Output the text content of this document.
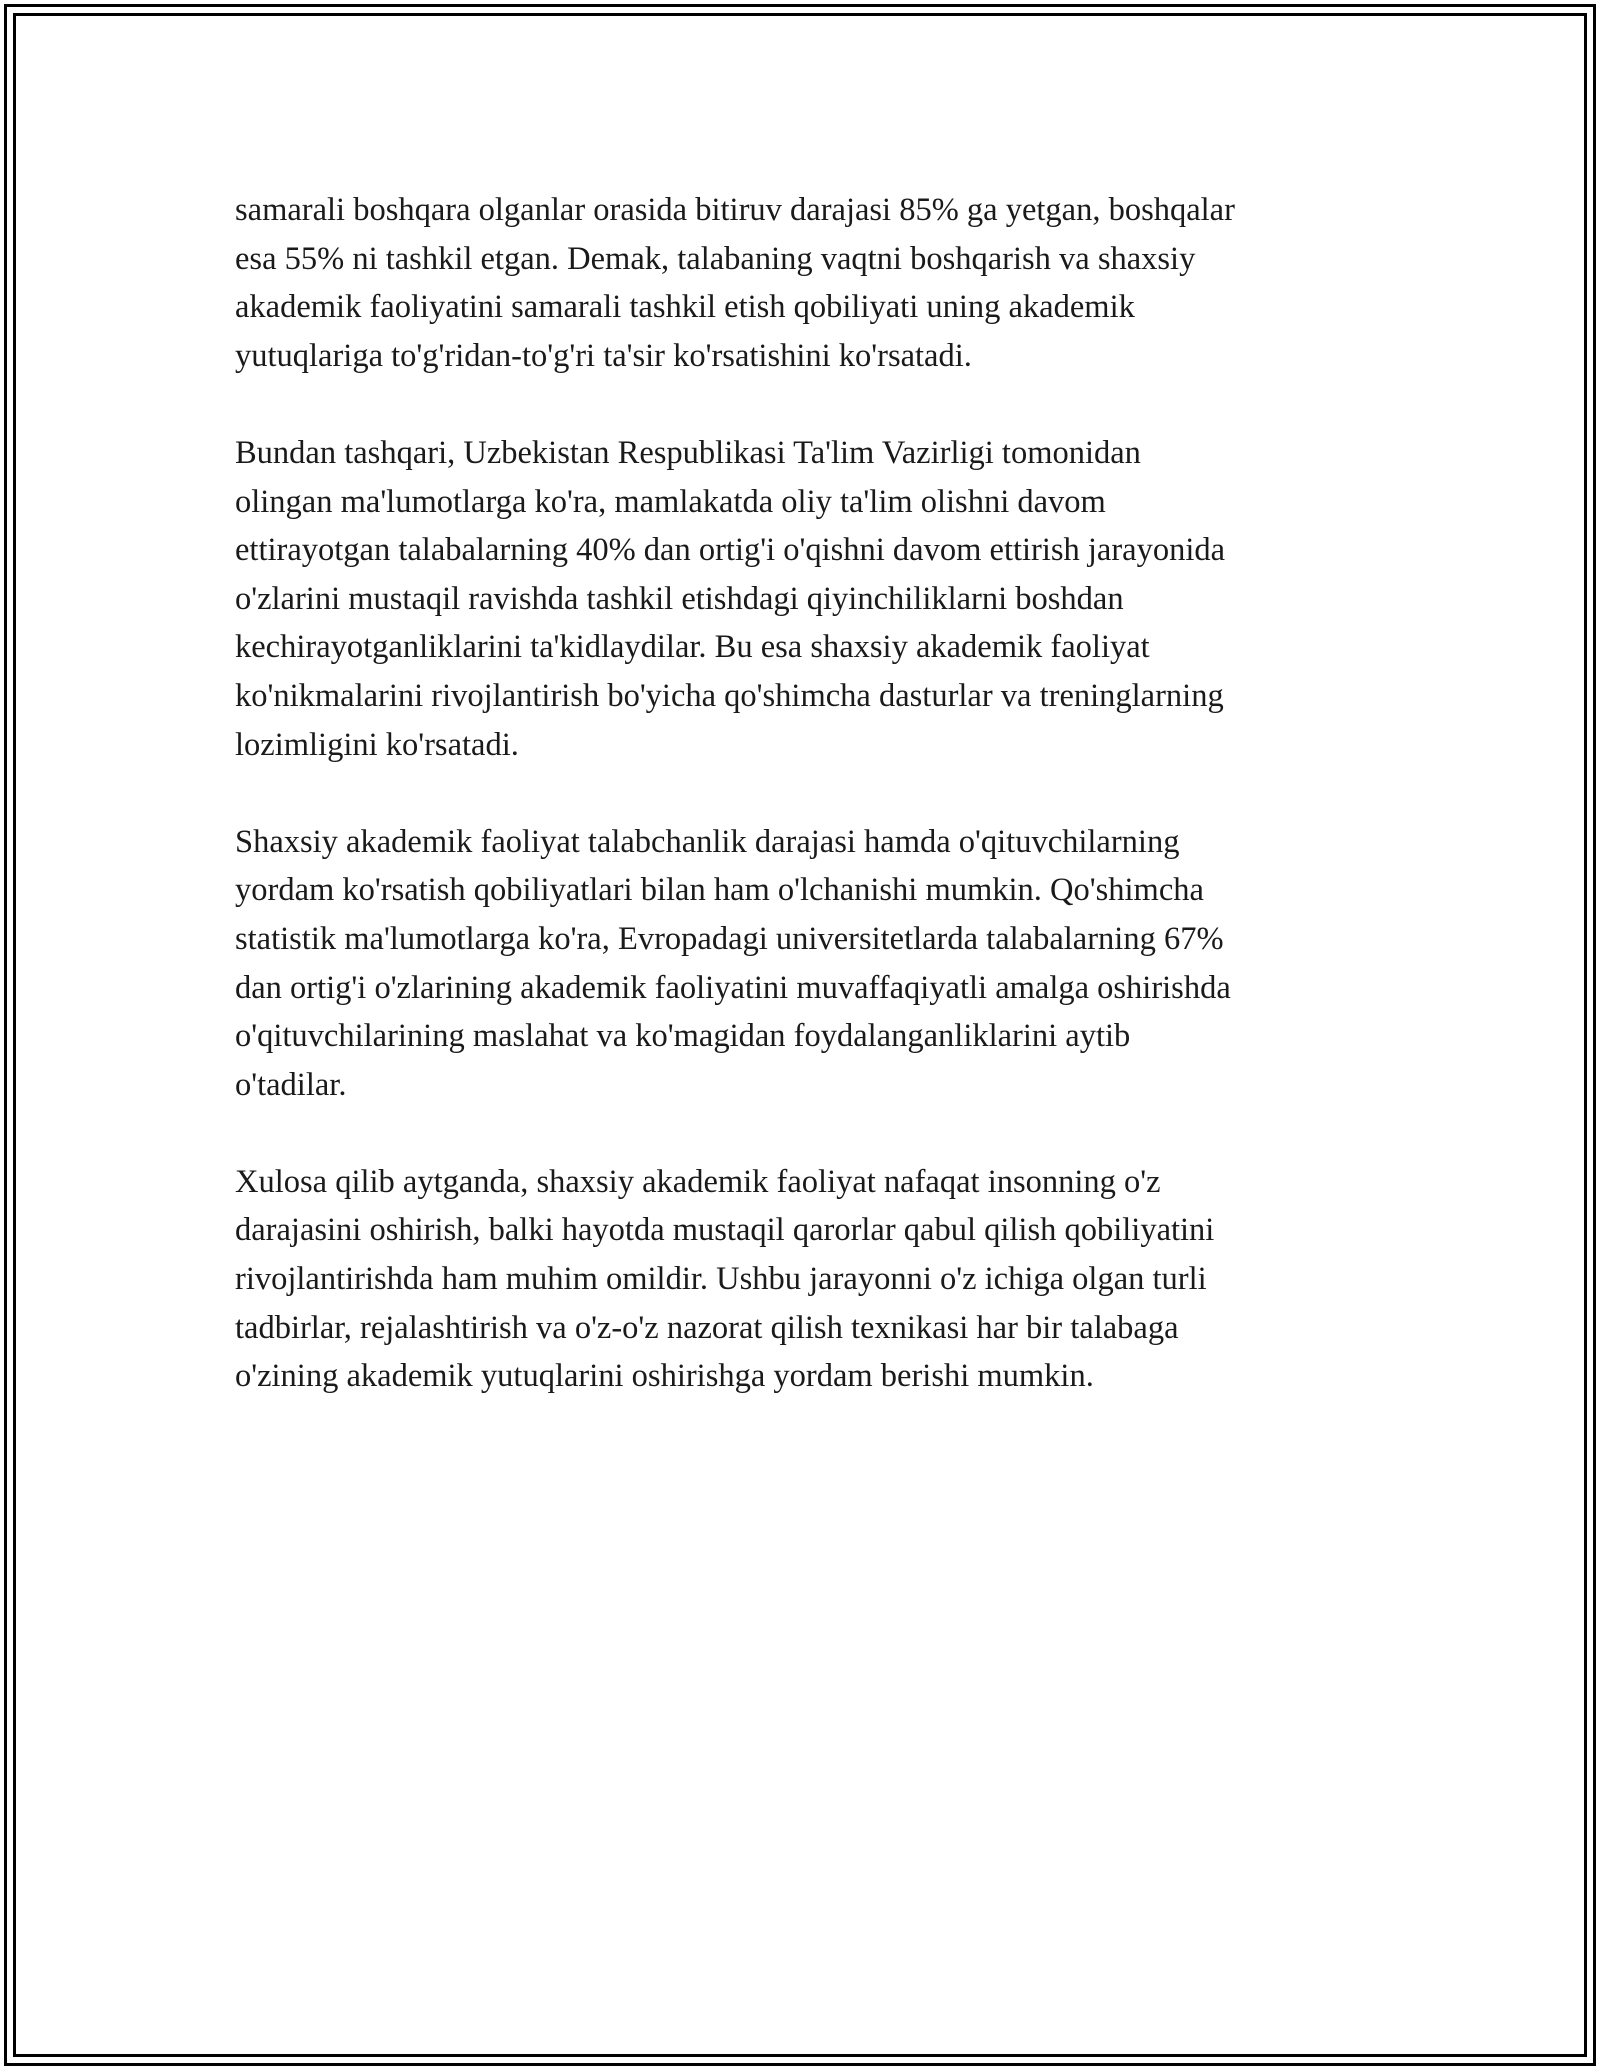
samarali boshqara olganlar orasida bitiruv darajasi 85% ga yetgan, boshqalar
esa 55% ni tashkil etgan. Demak, talabaning vaqtni boshqarish va shaxsiy
akademik faoliyatini samarali tashkil etish qobiliyati uning akademik
yutuqlariga to'g'ridan-to'g'ri ta'sir ko'rsatishini ko'rsatadi.

Bundan tashqari, Uzbekistan Respublikasi Ta'lim Vazirligi tomonidan
olingan ma'lumotlarga ko'ra, mamlakatda oliy ta'lim olishni davom
ettirayotgan talabalarning 40% dan ortig'i o'qishni davom ettirish jarayonida
o'zlarini mustaqil ravishda tashkil etishdagi qiyinchiliklarni boshdan
kechirayotganliklarini ta'kidlaydilar. Bu esa shaxsiy akademik faoliyat
ko'nikmalarini rivojlantirish bo'yicha qo'shimcha dasturlar va treninglarning
lozimligini ko'rsatadi.

Shaxsiy akademik faoliyat talabchanlik darajasi hamda o'qituvchilarning
yordam ko'rsatish qobiliyatlari bilan ham o'lchanishi mumkin. Qo'shimcha
statistik ma'lumotlarga ko'ra, Evropadagi universitetlarda talabalarning 67%
dan ortig'i o'zlarining akademik faoliyatini muvaffaqiyatli amalga oshirishda
o'qituvchilarining maslahat va ko'magidan foydalanganliklarini aytib
o'tadilar.

Xulosa qilib aytganda, shaxsiy akademik faoliyat nafaqat insonning o'z
darajasini oshirish, balki hayotda mustaqil qarorlar qabul qilish qobiliyatini
rivojlantirishda ham muhim omildir. Ushbu jarayonni o'z ichiga olgan turli
tadbirlar, rejalashtirish va o'z-o'z nazorat qilish texnikasi har bir talabaga
o'zining akademik yutuqlarini oshirishga yordam berishi mumkin.
